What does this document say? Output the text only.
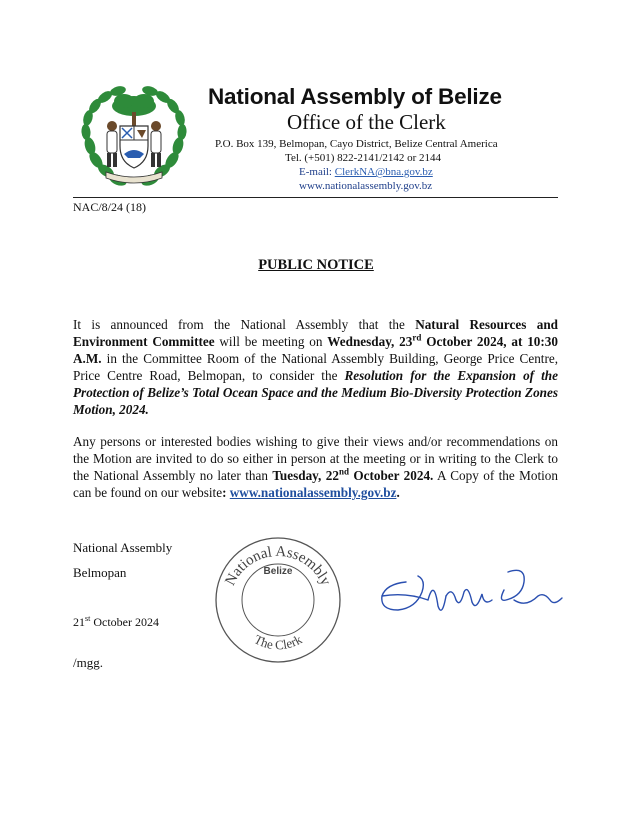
National Assembly of Belize
Office of the Clerk
P.O. Box 139, Belmopan, Cayo District, Belize Central America
Tel. (+501) 822-2141/2142 or 2144
E-mail: ClerkNA@bna.gov.bz
www.nationalassembly.gov.bz
NAC/8/24 (18)
PUBLIC NOTICE
It is announced from the National Assembly that the Natural Resources and Environment Committee will be meeting on Wednesday, 23rd October 2024, at 10:30 A.M. in the Committee Room of the National Assembly Building, George Price Centre, Price Centre Road, Belmopan, to consider the Resolution for the Expansion of the Protection of Belize’s Total Ocean Space and the Medium Bio-Diversity Protection Zones Motion, 2024.
Any persons or interested bodies wishing to give their views and/or recommendations on the Motion are invited to do so either in person at the meeting or in writing to the Clerk to the National Assembly no later than Tuesday, 22nd October 2024. A Copy of the Motion can be found on our website: www.nationalassembly.gov.bz.
National Assembly
Belmopan
21st October 2024
/mgg.
National Assembly
Belize
The Clerk
